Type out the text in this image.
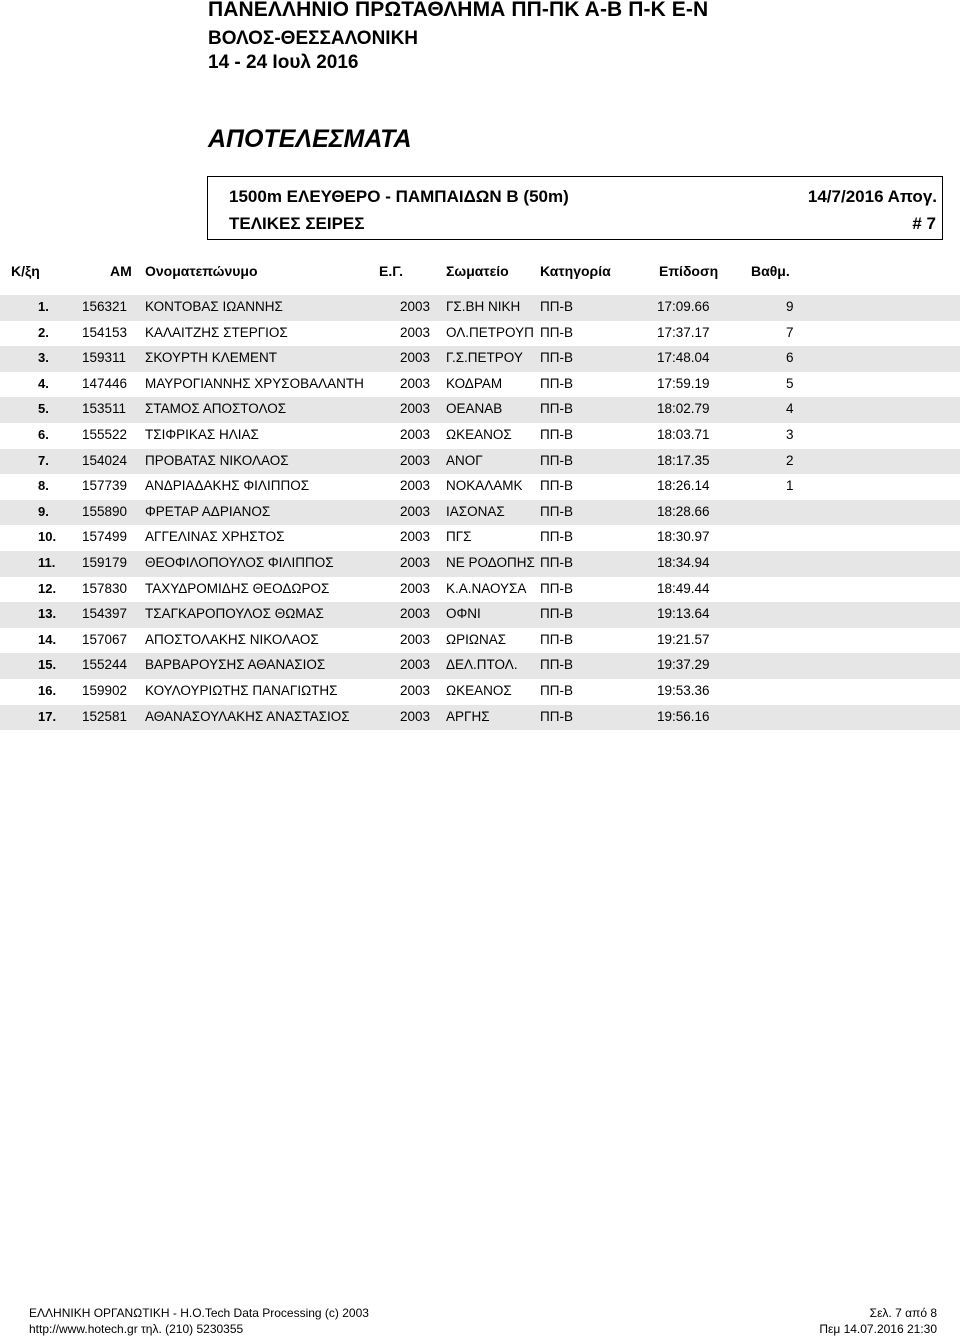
ΠΑΝΕΛΛΗΝΙΟ ΠΡΩΤΑΘΛΗΜΑ ΠΠ-ΠΚ Α-Β Π-Κ Ε-Ν
ΒΟΛΟΣ-ΘΕΣΣΑΛΟΝΙΚΗ
14 - 24 Ιουλ 2016
ΑΠΟΤΕΛΕΣΜΑΤΑ
1500m ΕΛΕΥΘΕΡΟ - ΠΑΜΠΑΙΔΩΝ Β (50m)
ΤΕΛΙΚΕΣ ΣΕΙΡΕΣ
14/7/2016 Απογ.
# 7
Κ/ξη	ΑΜ Ονοματεπώνυμο	Ε.Γ.	Σωματείο Κατηγορία	Επίδοση Βαθμ.
1. 156321 ΚΟΝΤΟΒΑΣ ΙΩΑΝΝΗΣ	2003 ΓΣ.ΒΗ ΝΙΚΗ ΠΠ-Β	17:09.66	9
2. 154153 ΚΑΛΑΙΤΖΗΣ ΣΤΕΡΓΙΟΣ	2003 ΟΛ.ΠΕΤΡΟΥΠ ΠΠ-Β	17:37.17	7
3. 159311 ΣΚΟΥΡΤΗ ΚΛΕΜΕΝΤ	2003 Γ.Σ.ΠΕΤΡΟΥ ΠΠ-Β	17:48.04	6
4. 147446 ΜΑΥΡΟΓΙΑΝΝΗΣ ΧΡΥΣΟΒΑΛΑΝΤΗ	2003 ΚΟΔΡΑΜ	ΠΠ-Β	17:59.19	5
5. 153511 ΣΤΑΜΟΣ ΑΠΟΣΤΟΛΟΣ	2003 ΟΕΑΝΑΒ	ΠΠ-Β	18:02.79	4
6. 155522 ΤΣΙΦΡΙΚΑΣ ΗΛΙΑΣ	2003 ΩΚΕΑΝΟΣ ΠΠ-Β	18:03.71	3
7. 154024 ΠΡΟΒΑΤΑΣ ΝΙΚΟΛΑΟΣ	2003 ΑΝΟΓ	ΠΠ-Β	18:17.35	2
8. 157739 ΑΝΔΡΙΑΔΑΚΗΣ ΦΙΛΙΠΠΟΣ	2003 ΝΟΚΑΛΑΜΚ ΠΠ-Β	18:26.14	1
9. 155890 ΦΡΕΤΑΡ ΑΔΡΙΑΝΟΣ	2003 ΙΑΣΟΝΑΣ	ΠΠ-Β	18:28.66
10. 157499 ΑΓΓΕΛΙΝΑΣ ΧΡΗΣΤΟΣ	2003 ΠΓΣ	ΠΠ-Β	18:30.97
11. 159179 ΘΕΟΦΙΛΟΠΟΥΛΟΣ ΦΙΛΙΠΠΟΣ	2003 ΝΕ ΡΟΔΟΠΗΣ ΠΠ-Β	18:34.94
12. 157830 ΤΑΧΥΔΡΟΜΙΔΗΣ ΘΕΟΔΩΡΟΣ	2003 Κ.Α.ΝΑΟΥΣΑ ΠΠ-Β	18:49.44
13. 154397 ΤΣΑΓΚΑΡΟΠΟΥΛΟΣ ΘΩΜΑΣ	2003 ΟΦΝΙ	ΠΠ-Β	19:13.64
14. 157067 ΑΠΟΣΤΟΛΑΚΗΣ ΝΙΚΟΛΑΟΣ	2003 ΩΡΙΩΝΑΣ	ΠΠ-Β	19:21.57
15. 155244 ΒΑΡΒΑΡΟΥΣΗΣ ΑΘΑΝΑΣΙΟΣ	2003 ΔΕΛ.ΠΤΟΛ. ΠΠ-Β	19:37.29
16. 159902 ΚΟΥΛΟΥΡΙΩΤΗΣ ΠΑΝΑΓΙΩΤΗΣ	2003 ΩΚΕΑΝΟΣ ΠΠ-Β	19:53.36
17. 152581 ΑΘΑΝΑΣΟΥΛΑΚΗΣ ΑΝΑΣΤΑΣΙΟΣ	2003 ΑΡΓΗΣ	ΠΠ-Β	19:56.16
ΕΛΛΗΝΙΚΗ ΟΡΓΑΝΩΤΙΚΗ - Η.Ο.Tech Data Processing (c) 2003
http://www.hotech.gr τηλ. (210) 5230355
Σελ. 7 από 8
Πεμ 14.07.2016 21:30
